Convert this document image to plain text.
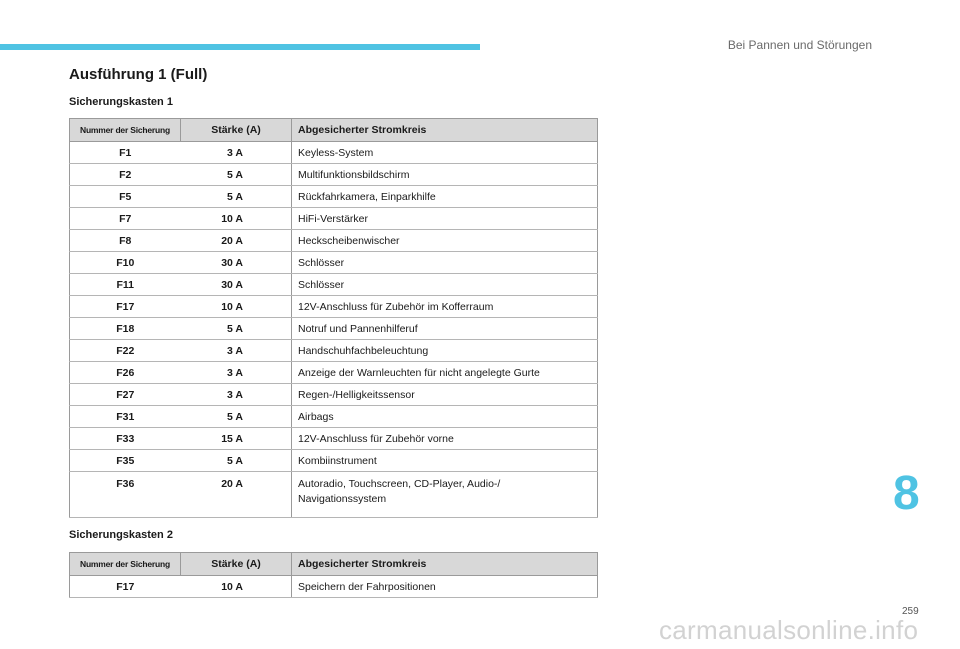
Bei Pannen und Störungen
Ausführung 1 (Full)
Sicherungskasten 1
Nummer der Sicherung	Stärke (A)	Abgesicherter Stromkreis
F1	3 A	Keyless-System
F2	5 A	Multifunktionsbildschirm
F5	5 A	Rückfahrkamera, Einparkhilfe
F7	10 A	HiFi-Verstärker
F8	20 A	Heckscheibenwischer
F10	30 A	Schlösser
F11	30 A	Schlösser
F17	10 A	12V-Anschluss für Zubehör im Kofferraum
F18	5 A	Notruf und Pannenhilferuf
F22	3 A	Handschuhfachbeleuchtung
F26	3 A	Anzeige der Warnleuchten für nicht angelegte Gurte
F27	3 A	Regen-/Helligkeitssensor
F31	5 A	Airbags
F33	15 A	12V-Anschluss für Zubehör vorne
F35	5 A	Kombiinstrument
F36	20 A	Autoradio, Touchscreen, CD-Player, Audio-/ Navigationssystem
Sicherungskasten 2
Nummer der Sicherung	Stärke (A)	Abgesicherter Stromkreis
F17	10 A	Speichern der Fahrpositionen
8
259
carmanualsonline.info
